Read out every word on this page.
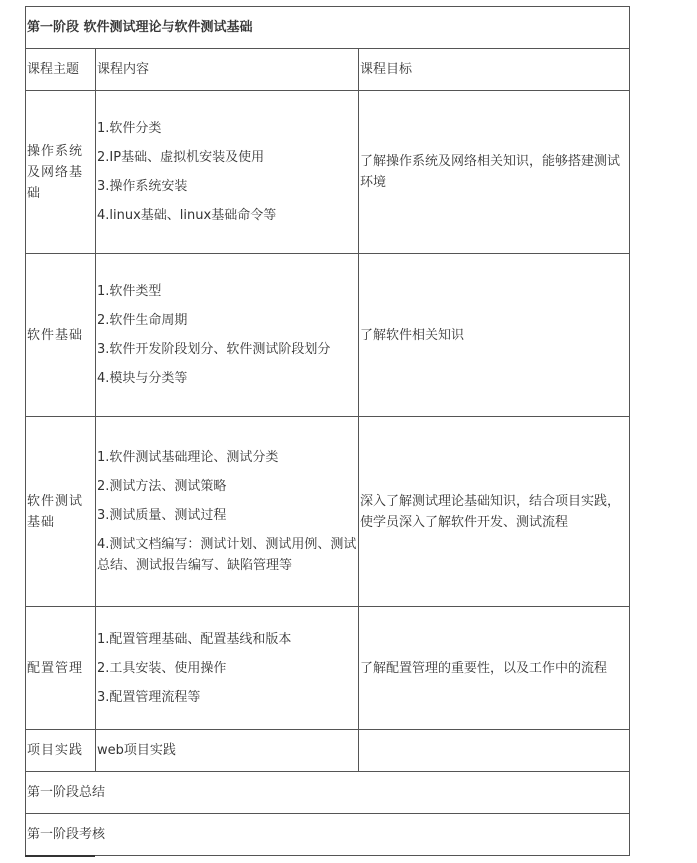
第一阶段 软件测试理论与软件测试基础		
课程主题	课程内容	课程目标
操作系统及网络基础	1.软件分类
2.IP基础、虚拟机安装及使用
3.操作系统安装
4.linux基础、linux基础命令等	了解操作系统及网络相关知识，能够搭建测试环境
软件基础	1.软件类型
2.软件生命周期
3.软件开发阶段划分、软件测试阶段划分
4.模块与分类等	了解软件相关知识
软件测试基础	1.软件测试基础理论、测试分类
2.测试方法、测试策略
3.测试质量、测试过程
4.测试文档编写：测试计划、测试用例、测试总结、测试报告编写、缺陷管理等	深入了解测试理论基础知识，结合项目实践，使学员深入了解软件开发、测试流程
配置管理	1.配置管理基础、配置基线和版本
2.工具安装、使用操作
3.配置管理流程等	了解配置管理的重要性，以及工作中的流程
项目实践	web项目实践	
第一阶段总结		
第一阶段考核		
